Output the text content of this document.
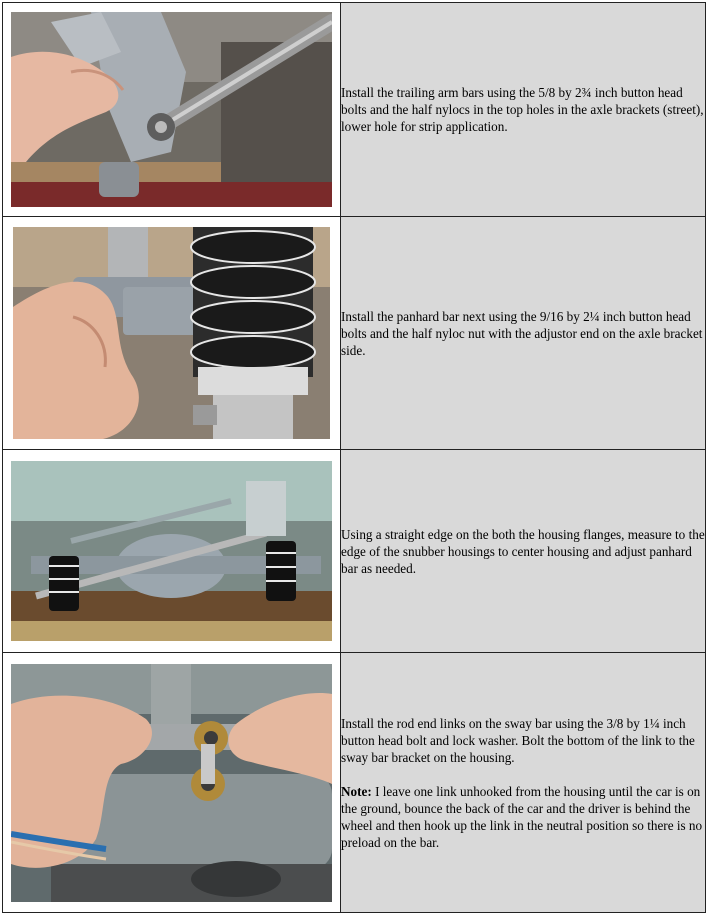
Install the trailing arm bars using the 5/8 by 2¾ inch button head bolts and the half nylocs in the top holes in the axle brackets (street), lower hole for strip application.

Install the panhard bar next using the 9/16 by 2¼ inch button head bolts and the half nyloc nut with the adjustor end on the axle bracket side.

Using a straight edge on the both the housing flanges, measure to the edge of the snubber housings to center housing and adjust panhard bar as needed.

Install the rod end links on the sway bar using the 3/8 by 1¼ inch button head bolt and lock washer. Bolt the bottom of the link to the sway bar bracket on the housing.

Note: I leave one link unhooked from the housing until the car is on the ground, bounce the back of the car and the driver is behind the wheel and then hook up the link in the neutral position so there is no preload on the bar.
